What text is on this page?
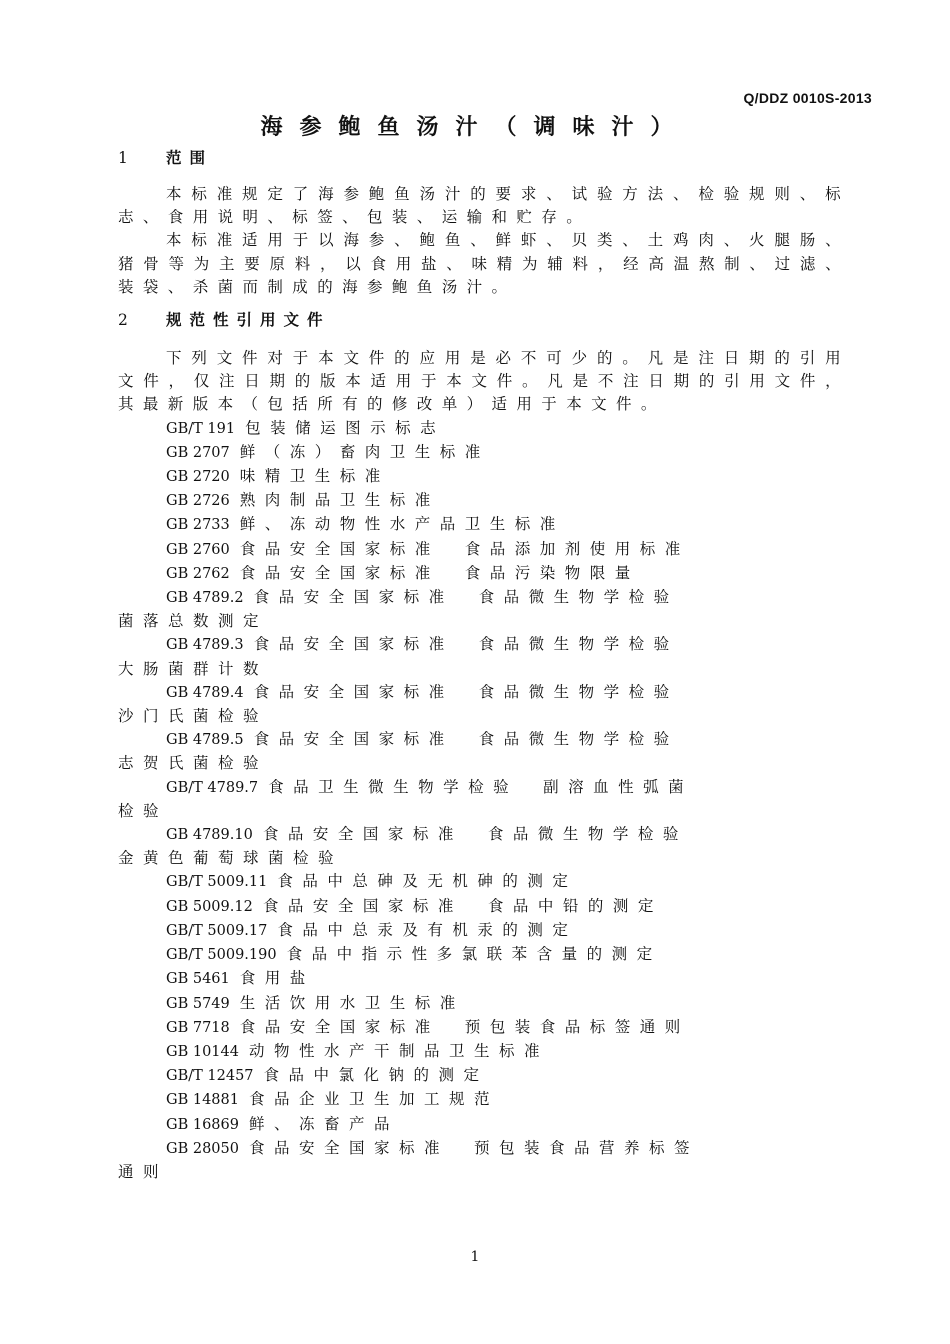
Q/DDZ 0010S-2013
海参鲍鱼汤汁（调味汁）
1	范围
本标准规定了海参鲍鱼汤汁的要求、试验方法、检验规则、标志、食用说明、标签、包装、运输和贮存。
本标准适用于以海参、鲍鱼、鲜虾、贝类、土鸡肉、火腿肠、猪骨等为主要原料，以食用盐、味精为辅料，经高温熬制、过滤、装袋、杀菌而制成的海参鲍鱼汤汁。
2	规范性引用文件
下列文件对于本文件的应用是必不可少的。凡是注日期的引用文件，仅注日期的版本适用于本文件。凡是不注日期的引用文件，其最新版本（包括所有的修改单）适用于本文件。
GB/T 191 包装储运图示标志
GB 2707 鲜（冻）畜肉卫生标准
GB 2720 味精卫生标准
GB 2726 熟肉制品卫生标准
GB 2733 鲜、冻动物性水产品卫生标准
GB 2760 食品安全国家标准　食品添加剂使用标准
GB 2762 食品安全国家标准　食品污染物限量
GB 4789.2 食品安全国家标准　食品微生物学检验
菌落总数测定
GB 4789.3 食品安全国家标准　食品微生物学检验
大肠菌群计数
GB 4789.4 食品安全国家标准　食品微生物学检验
沙门氏菌检验
GB 4789.5 食品安全国家标准　食品微生物学检验
志贺氏菌检验
GB/T 4789.7 食品卫生微生物学检验　副溶血性弧菌
检验
GB 4789.10 食品安全国家标准　食品微生物学检验
金黄色葡萄球菌检验
GB/T 5009.11 食品中总砷及无机砷的测定
GB 5009.12 食品安全国家标准　食品中铅的测定
GB/T 5009.17 食品中总汞及有机汞的测定
GB/T 5009.190 食品中指示性多氯联苯含量的测定
GB 5461 食用盐
GB 5749 生活饮用水卫生标准
GB 7718 食品安全国家标准　预包装食品标签通则
GB 10144 动物性水产干制品卫生标准
GB/T 12457 食品中氯化钠的测定
GB 14881 食品企业卫生加工规范
GB 16869 鲜、冻畜产品
GB 28050 食品安全国家标准　预包装食品营养标签
通则
1
